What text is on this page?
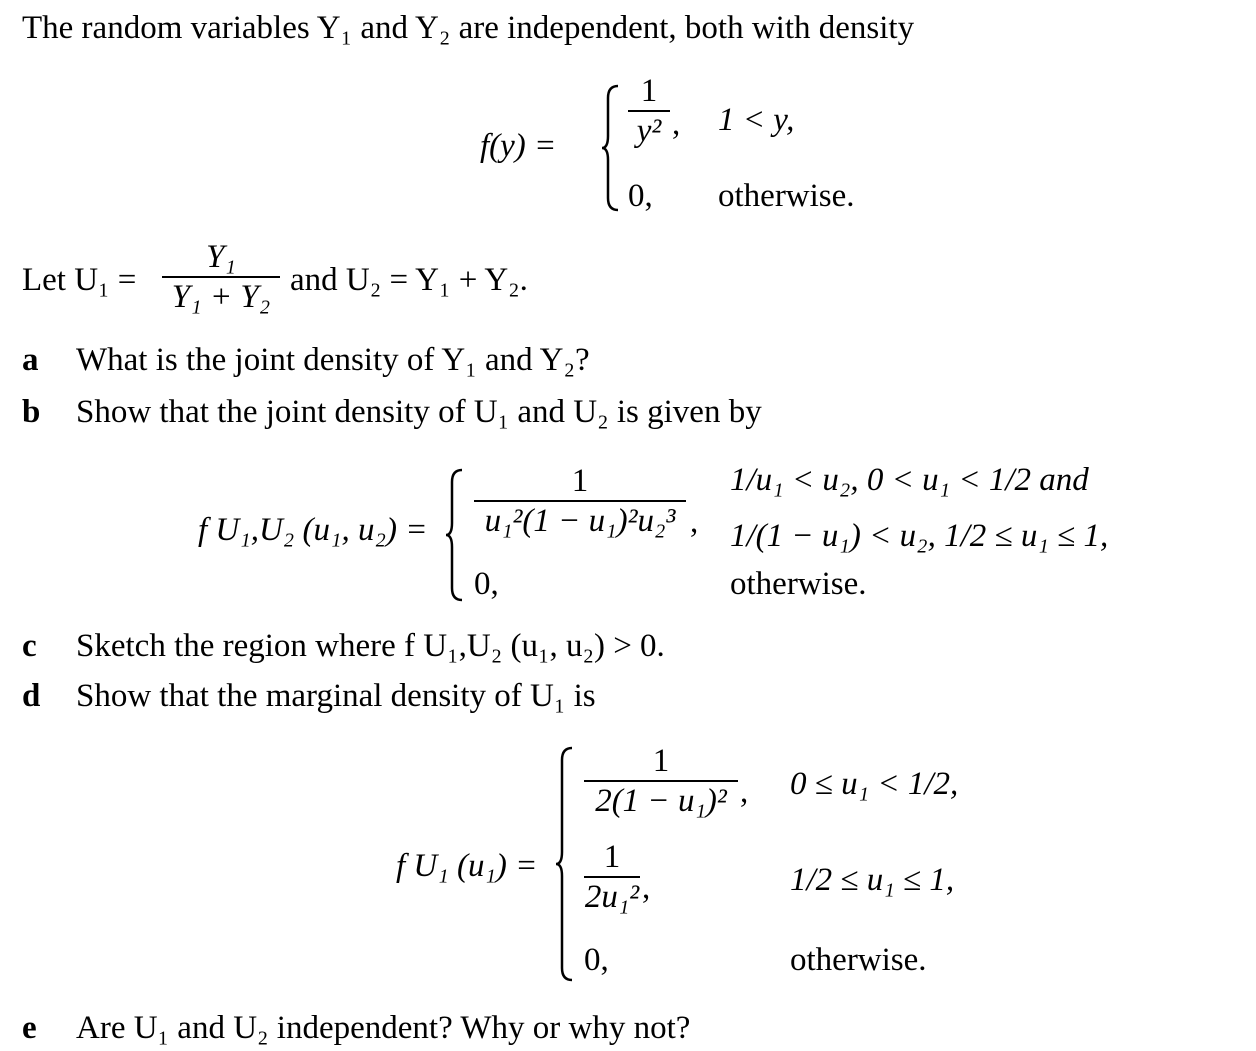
The random variables Y₁ and Y₂ are independent, both with density
f(y) =
1
y² , 1 < y,
0, otherwise.
Let U₁ =
Y₁
Y₁ + Y₂ and U₂ = Y₁ + Y₂.
a What is the joint density of Y₁ and Y₂?
b Show that the joint density of U₁ and U₂ is given by
f U₁,U₂ (u₁, u₂) =
1
u₁²(1 − u₁)²u₂³ ,
1/u₁ < u₂, 0 < u₁ < 1/2 and
1/(1 − u₁) < u₂, 1/2 ≤ u₁ ≤ 1,
0,	otherwise.
c Sketch the region where f U₁,U₂ (u₁, u₂) > 0.
d Show that the marginal density of U₁ is
f U₁ (u₁) =
1
2(1 − u₁)² , 0 ≤ u₁ < 1/2,
1
2u₁² ,	1/2 ≤ u₁ ≤ 1,
0,	otherwise.
e Are U₁ and U₂ independent? Why or why not?
